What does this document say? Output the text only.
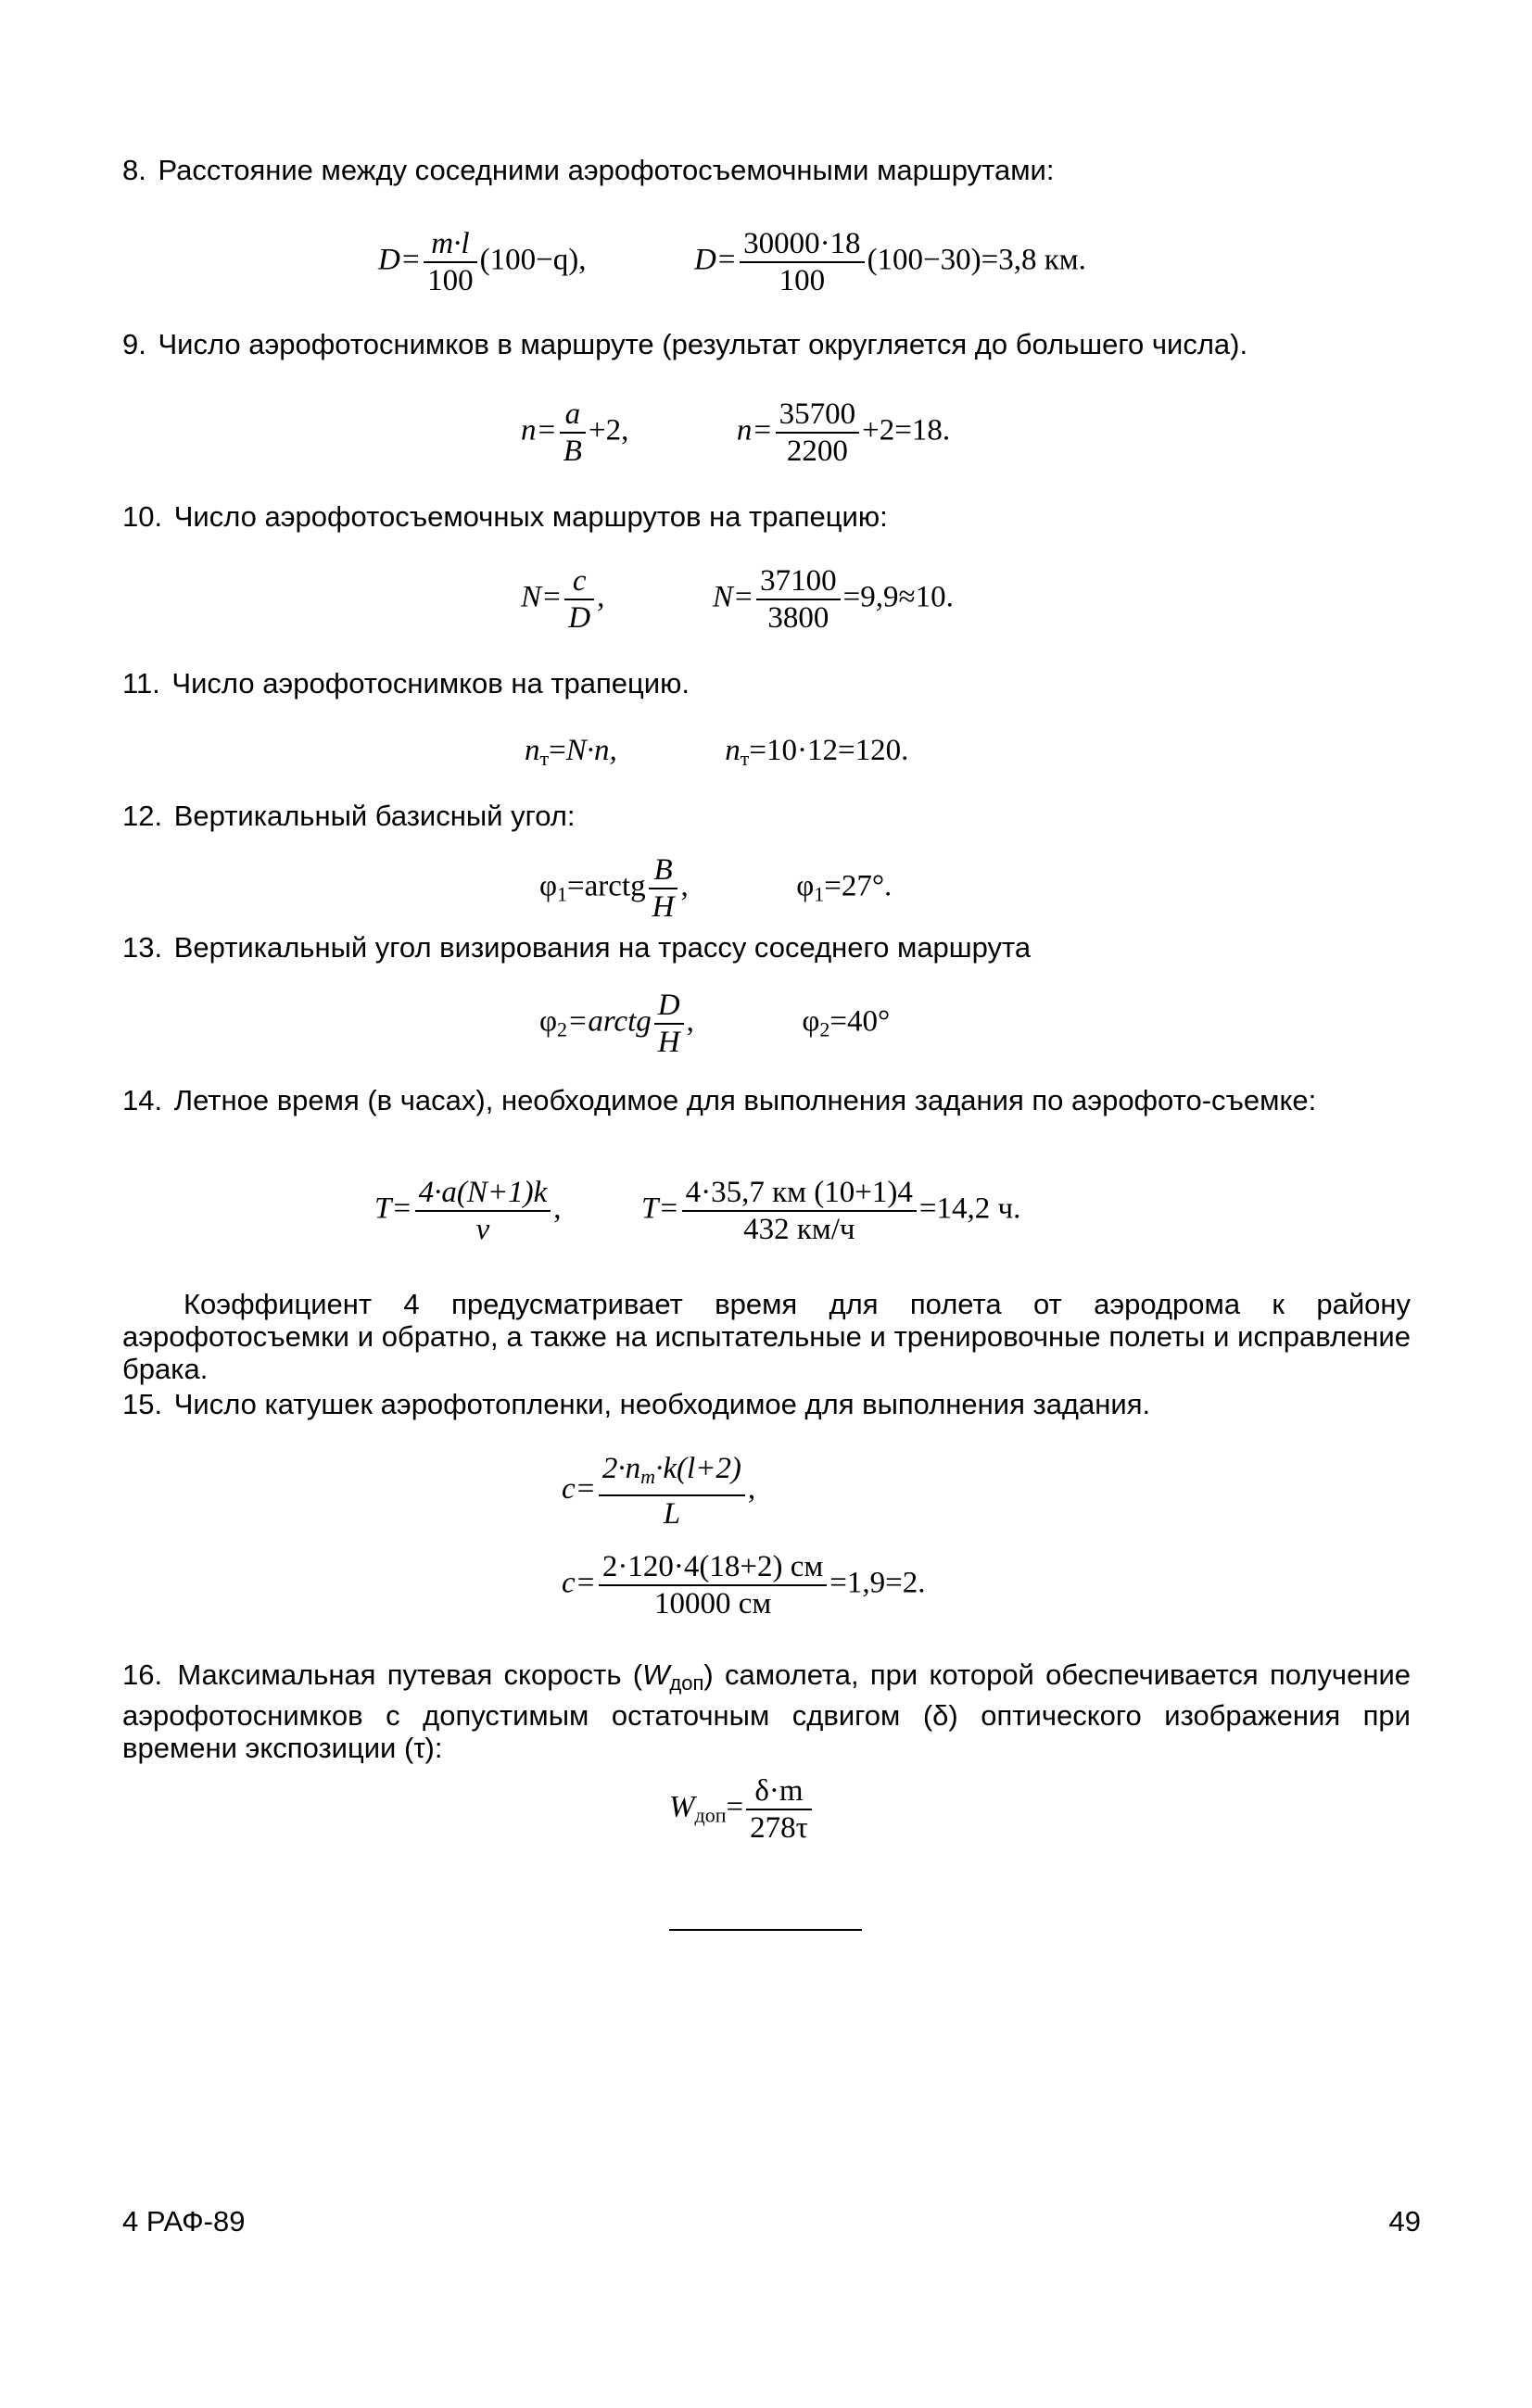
8. Расстояние между соседними аэрофотосъемочными маршрутами:

$D= \frac{m\cdot l}{100} (100-q)$,	$D= \frac{30000\cdot 18}{100} (100-30)=3,8$ км.

9. Число аэрофотоснимков в маршруте (результат округляется до большего числа).

$n= \frac{a}{B} +2$,	$n= \frac{35700}{2200} +2=18$.

10. Число аэрофотосъемочных маршрутов на трапецию:

$N= \frac{c}{D}$ ,	$N= \frac{37100}{3800} =9,9\approx 10$.

11. Число аэрофотоснимков на трапецию.

$n_т=N\cdot n$,	$n_т=10\cdot 12=120$.

12. Вертикальный базисный угол:

$\varphi_1=arctg \frac{B}{H}$ ,	$\varphi_1=27^\circ$.

13. Вертикальный угол визирования на трассу соседнего маршрута

$\varphi_2=arctg \frac{D}{H}$ ,	$\varphi_2=40^\circ$

14. Летное время (в часах), необходимое для выполнения задания по аэрофото-съемке:

$T= \frac{4\cdot a(N+1)k}{v}$ ,	$T= \frac{4\cdot 35,7 км (10+1)4}{432 км/ч} =14,2$ ч.

Коэффициент 4 предусматривает время для полета от аэродрома к району аэрофотосъемки и обратно, а также на испытательные и тренировочные полеты и исправление брака.

15. Число катушек аэрофотопленки, необходимое для выполнения задания.

$c= \frac{2\cdot n_т\cdot k(l+2)}{L}$ ,
$c= \frac{2\cdot 120\cdot 4(18+2) см}{10000 см} =1,9=2$.

16. Максимальная путевая скорость $(W_{доп})$ самолета, при которой обеспечивается получение аэрофотоснимков с допустимым остаточным сдвигом (δ) оптического изображения при времени экспозиции (τ):

$W_{доп}= \frac{\delta\cdot m}{278\tau}$
4 РАФ-89	49
